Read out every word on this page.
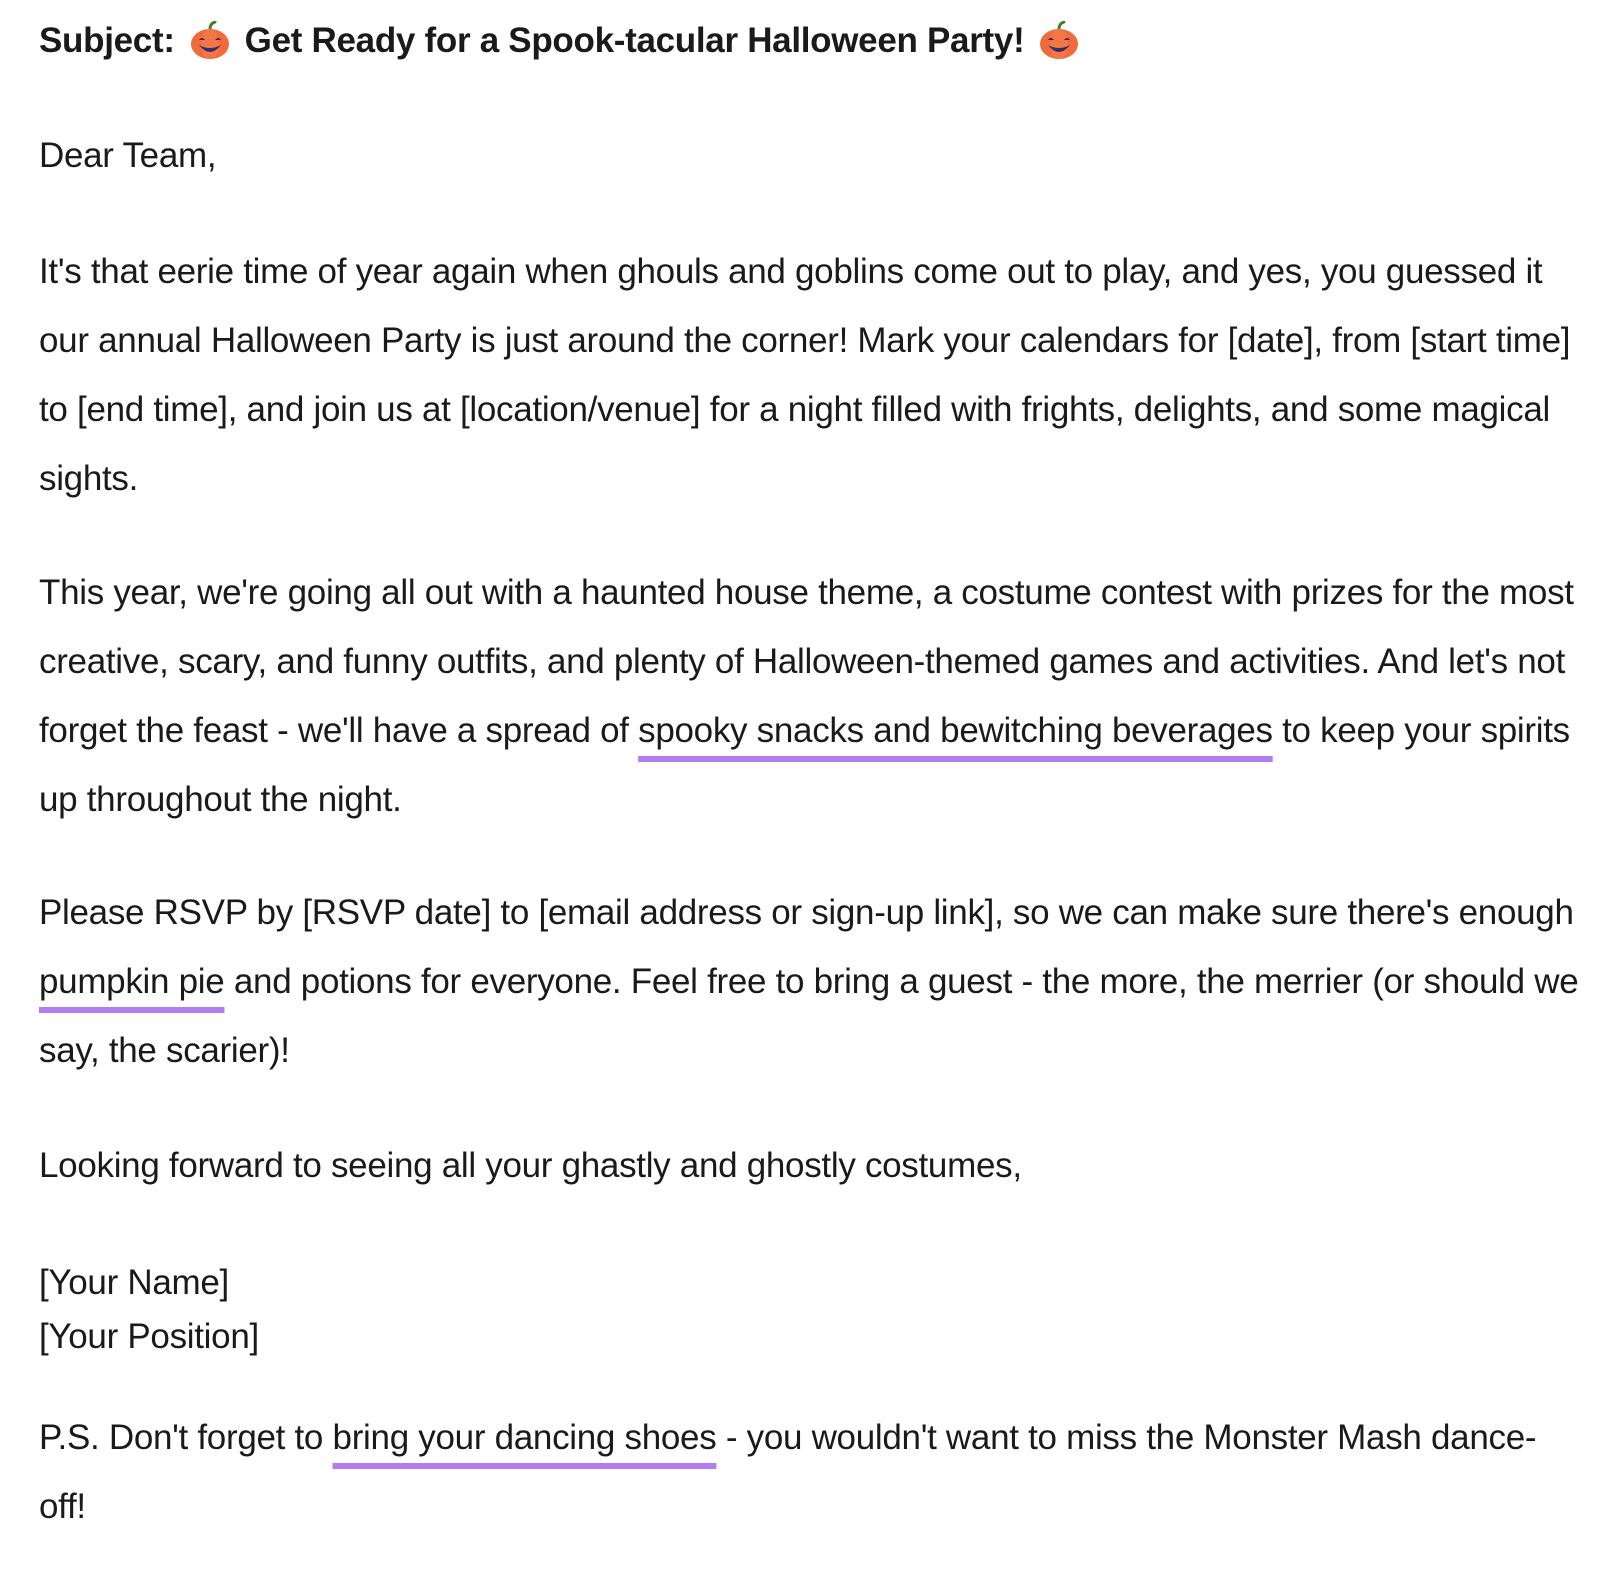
Subject: Get Ready for a Spook-tacular Halloween Party!

Dear Team,

It's that eerie time of year again when ghouls and goblins come out to play, and yes, you guessed it our annual Halloween Party is just around the corner! Mark your calendars for [date], from [start time] to [end time], and join us at [location/venue] for a night filled with frights, delights, and some magical sights.

This year, we're going all out with a haunted house theme, a costume contest with prizes for the most creative, scary, and funny outfits, and plenty of Halloween-themed games and activities. And let's not forget the feast - we'll have a spread of spooky snacks and bewitching beverages to keep your spirits up throughout the night.

Please RSVP by [RSVP date] to [email address or sign-up link], so we can make sure there's enough pumpkin pie and potions for everyone. Feel free to bring a guest - the more, the merrier (or should we say, the scarier)!

Looking forward to seeing all your ghastly and ghostly costumes,

[Your Name]
[Your Position]

P.S. Don't forget to bring your dancing shoes - you wouldn't want to miss the Monster Mash dance-off!
